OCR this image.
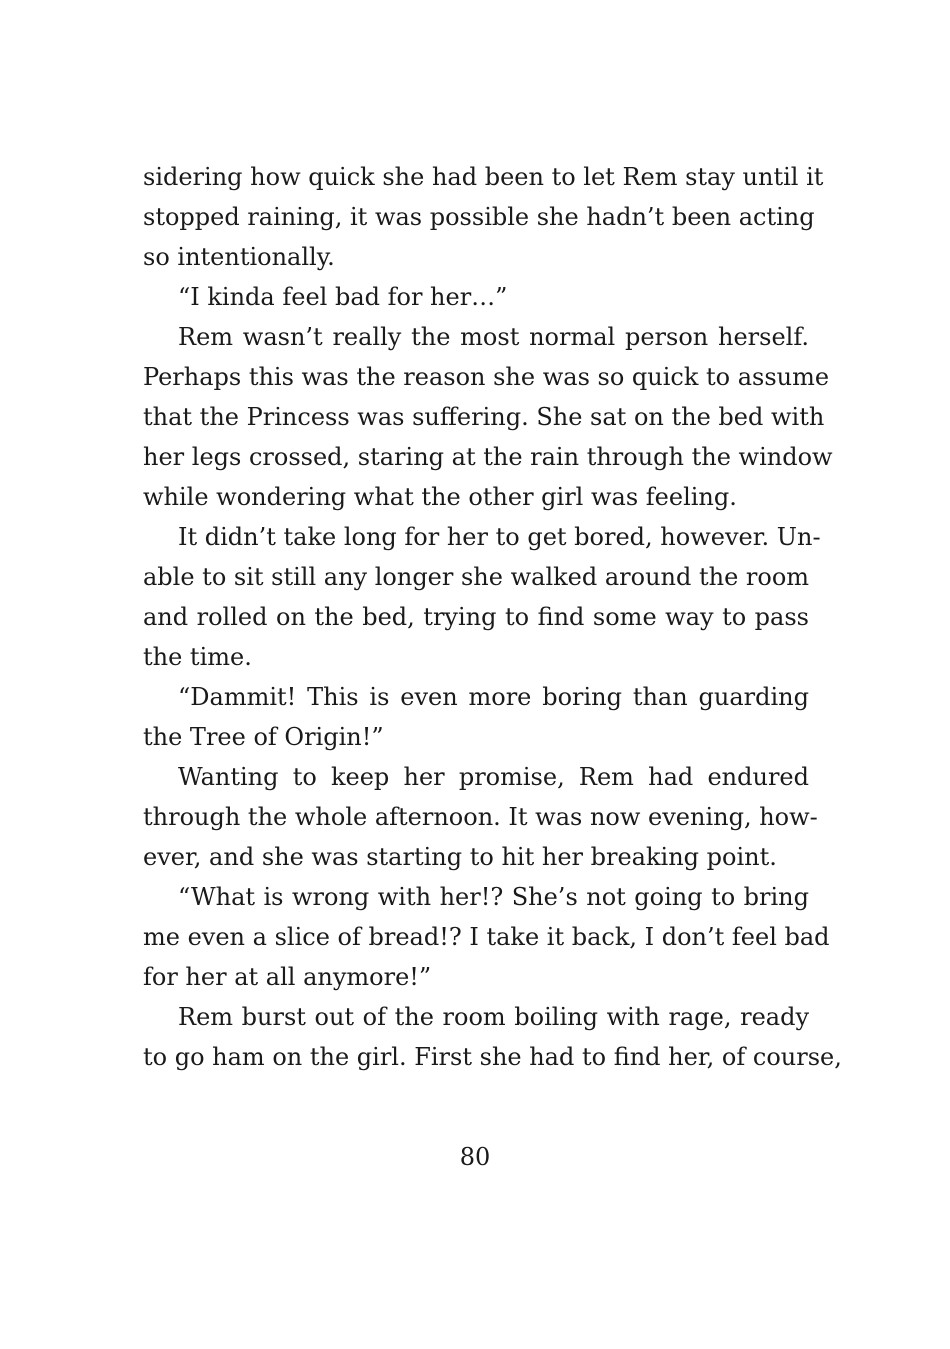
sidering how quick she had been to let Rem stay until it
stopped raining, it was possible she hadn’t been acting
so intentionally.
“I kinda feel bad for her…”
Rem wasn’t really the most normal person herself.
Perhaps this was the reason she was so quick to assume
that the Princess was suffering. She sat on the bed with
her legs crossed, staring at the rain through the window
while wondering what the other girl was feeling.
It didn’t take long for her to get bored, however. Un-
able to sit still any longer she walked around the room
and rolled on the bed, trying to find some way to pass
the time.
“Dammit! This is even more boring than guarding
the Tree of Origin!”
Wanting to keep her promise, Rem had endured
through the whole afternoon. It was now evening, how-
ever, and she was starting to hit her breaking point.
“What is wrong with her!? She’s not going to bring
me even a slice of bread!? I take it back, I don’t feel bad
for her at all anymore!”
Rem burst out of the room boiling with rage, ready
to go ham on the girl. First she had to find her, of course,
80
